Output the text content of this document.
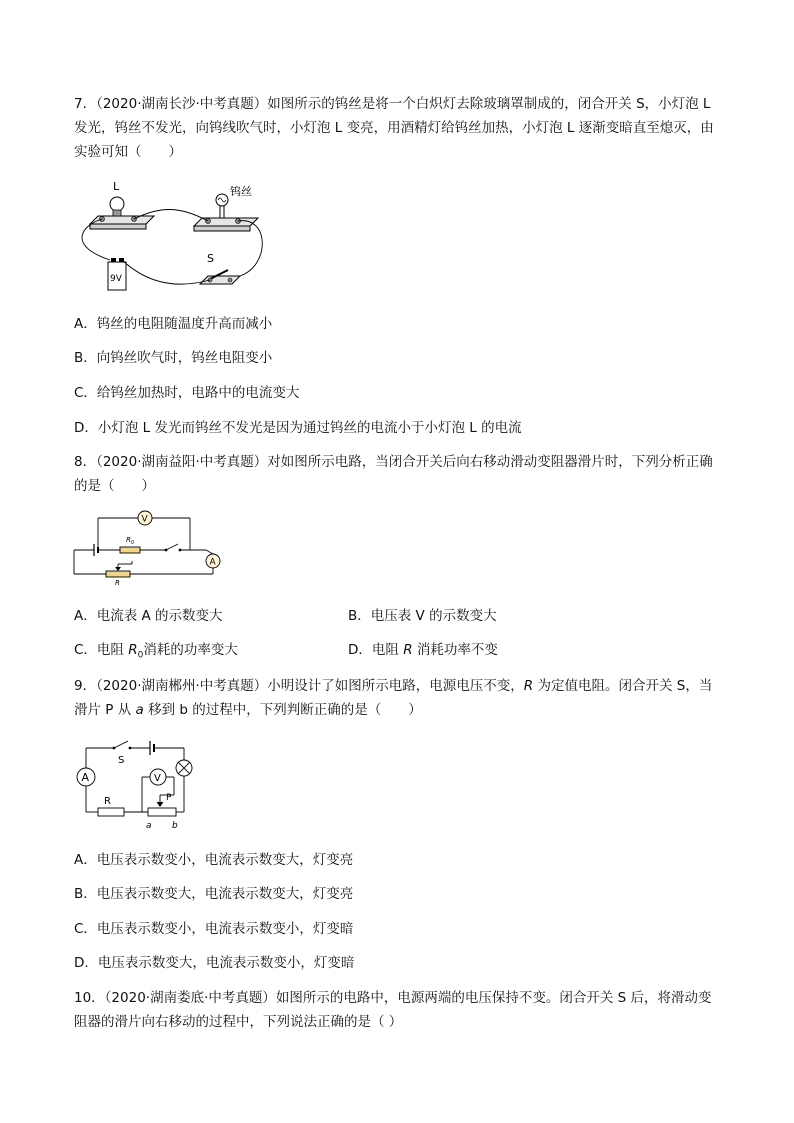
7．（2020·湖南长沙·中考真题）如图所示的钨丝是将一个白炽灯去除玻璃罩制成的，闭合开关 S，小灯泡 L 发光，钨丝不发光，向钨线吹气时，小灯泡 L 变亮，用酒精灯给钨丝加热，小灯泡 L 逐渐变暗直至熄灭，由实验可知（　　）
L	钨丝
9V
S
A．钨丝的电阻随温度升高而减小
B．向钨丝吹气时，钨丝电阻变小
C．给钨丝加热时，电路中的电流变大
D．小灯泡 L 发光而钨丝不发光是因为通过钨丝的电流小于小灯泡 L 的电流
8．（2020·湖南益阳·中考真题）对如图所示电路，当闭合开关后向右移动滑动变阻器滑片时，下列分析正确的是（　　）
V
$R_0$
A
R
A．电流表 A 的示数变大	B．电压表 V 的示数变大
C．电阻 $R_0$消耗的功率变大	D．电阻 R 消耗功率不变
9．（2020·湖南郴州·中考真题）小明设计了如图所示电路，电源电压不变，R 为定值电阻。闭合开关 S，当滑片 P 从 a 移到 b 的过程中，下列判断正确的是（　　）
S
A
R
a b
P
V
A．电压表示数变小，电流表示数变大，灯变亮
B．电压表示数变大，电流表示数变大，灯变亮
C．电压表示数变小，电流表示数变小，灯变暗
D．电压表示数变大，电流表示数变小，灯变暗
10．（2020·湖南娄底·中考真题）如图所示的电路中，电源两端的电压保持不变。闭合开关 S 后，将滑动变阻器的滑片向右移动的过程中，下列说法正确的是（ ）
